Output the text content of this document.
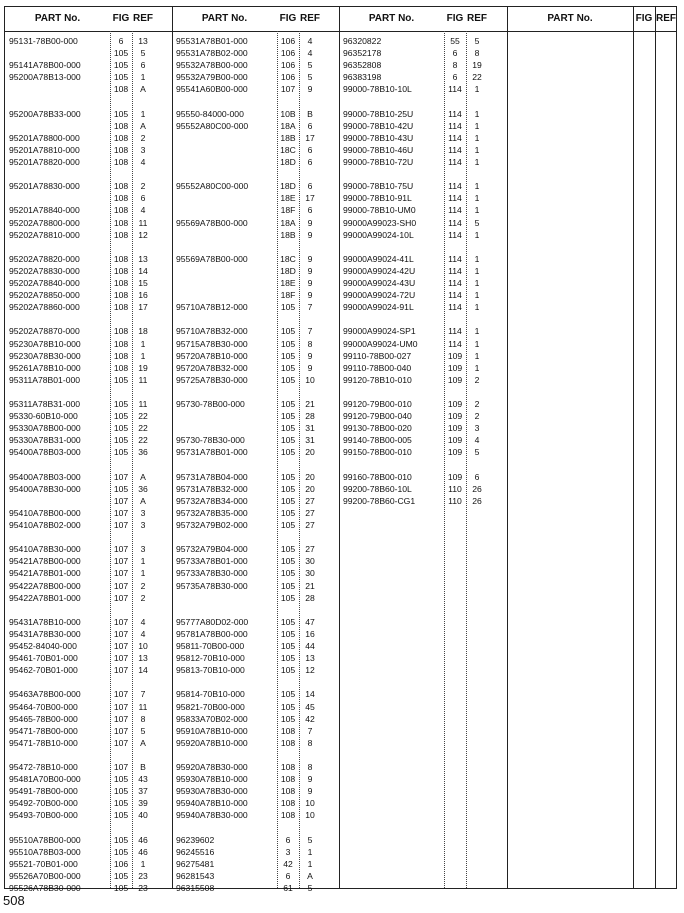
PART No.	FIG REF	PART No.	FIG REF	PART No.	FIG REF	PART No.	FIG REF
95131-78B00-000	6	13
105	5
95141A78B00-000	105	6
95200A78B13-000	105	1
108	A
95200A78B33-000	105	1
108	A
95201A78800-000	108	2
95201A78810-000	108	3
95201A78820-000	108	4
95201A78830-000	108	2
108	6
95201A78840-000	108	4
95202A78800-000	108	11
95202A78810-000	108	12
95202A78820-000	108	13
95202A78830-000	108	14
95202A78840-000	108	15
95202A78850-000	108	16
95202A78860-000	108	17
95202A78870-000	108	18
95230A78B10-000	108	1
95230A78B30-000	108	1
95261A78B10-000	108	19
95311A78B01-000	105	11
95311A78B31-000	105	11
95330-60B10-000	105	22
95330A78B00-000	105	22
95330A78B31-000	105	22
95400A78B03-000	105	36
95400A78B03-000	107	A
95400A78B30-000	105	36
107	A
95410A78B00-000	107	3
95410A78B02-000	107	3
95410A78B30-000	107	3
95421A78B00-000	107	1
95421A78B01-000	107	1
95422A78B00-000	107	2
95422A78B01-000	107	2
95431A78B10-000	107	4
95431A78B30-000	107	4
95452-84040-000	107	10
95461-70B01-000	107	13
95462-70B01-000	107	14
95463A78B00-000	107	7
95464-70B00-000	107	11
95465-78B00-000	107	8
95471-78B00-000	107	5
95471-78B10-000	107	A
95472-78B10-000	107	B
95481A70B00-000	105	43
95491-78B00-000	105	37
95492-70B00-000	105	39
95493-70B00-000	105	40
95510A78B00-000	105	46
95510A78B03-000	105	46
95521-70B01-000	106	1
95526A70B00-000	105	23
95526A78B30-000	105	23
95531A78B01-000	106	4
95531A78B02-000	106	4
95532A78B00-000	106	5
95532A79B00-000	106	5
95541A60B00-000	107	9
95550-84000-000	10B	B
95552A80C00-000	18A	6
18B	17
18C	6
18D	6
95552A80C00-000	18D	6
18E	17
18F	6
95569A78B00-000	18A	9
18B	9
95569A78B00-000	18C	9
18D	9
18E	9
18F	9
95710A78B12-000	105	7
95710A78B32-000	105	7
95715A78B30-000	105	8
95720A78B10-000	105	9
95720A78B32-000	105	9
95725A78B30-000	105	10
95730-78B00-000	105	21
105	28
105	31
95730-78B30-000	105	31
95731A78B01-000	105	20
95731A78B04-000	105	20
95731A78B32-000	105	20
95732A78B34-000	105	27
95732A78B35-000	105	27
95732A79B02-000	105	27
95732A79B04-000	105	27
95733A78B01-000	105	30
95733A78B30-000	105	30
95735A78B30-000	105	21
105	28
95777A80D02-000	105	47
95781A78B00-000	105	16
95811-70B00-000	105	44
95812-70B10-000	105	13
95813-70B10-000	105	12
95814-70B10-000	105	14
95821-70B00-000	105	45
95833A70B02-000	105	42
95910A78B10-000	108	7
95920A78B10-000	108	8
95920A78B30-000	108	8
95930A78B10-000	108	9
95930A78B30-000	108	9
95940A78B10-000	108	10
95940A78B30-000	108	10
96239602	6	5
96245516	3	1
96275481	42	1
96281543	6	A
96315508	61	5
96320822	55	5
96352178	6	8
96352808	8	19
96383198	6	22
99000-78B10-10L	114	1
99000-78B10-25U	114	1
99000-78B10-42U	114	1
99000-78B10-43U	114	1
99000-78B10-46U	114	1
99000-78B10-72U	114	1
99000-78B10-75U	114	1
99000-78B10-91L	114	1
99000-78B10-UM0	114	1
99000A99023-SH0	114	5
99000A99024-10L	114	1
99000A99024-41L	114	1
99000A99024-42U	114	1
99000A99024-43U	114	1
99000A99024-72U	114	1
99000A99024-91L	114	1
99000A99024-SP1	114	1
99000A99024-UM0	114	1
99110-78B00-027	109	1
99110-78B00-040	109	1
99120-78B10-010	109	2
99120-79B00-010	109	2
99120-79B00-040	109	2
99130-78B00-020	109	3
99140-78B00-005	109	4
99150-78B00-010	109	5
99160-78B00-010	109	6
99200-78B60-10L	110	26
99200-78B60-CG1	110	26
508
